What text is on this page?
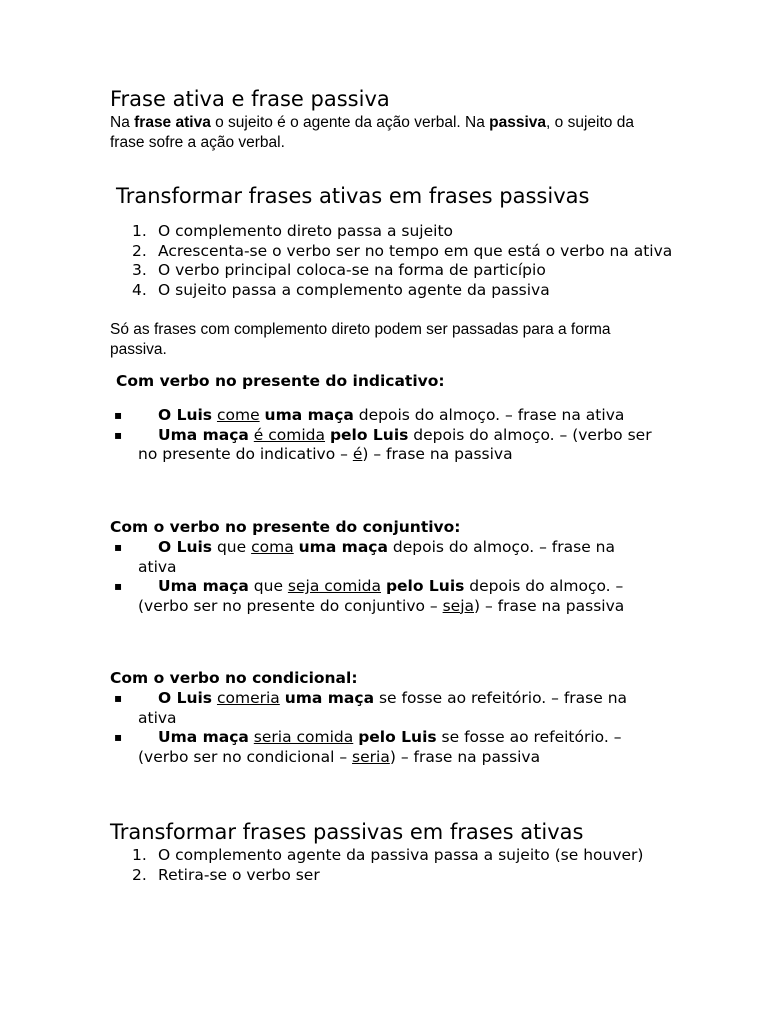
Frase ativa e frase passiva
Na frase ativa o sujeito é o agente da ação verbal. Na passiva, o sujeito da frase sofre a ação verbal.
Transformar frases ativas em frases passivas
1. O complemento direto passa a sujeito
2. Acrescenta-se o verbo ser no tempo em que está o verbo na ativa
3. O verbo principal coloca-se na forma de particípio
4. O sujeito passa a complemento agente da passiva
Só as frases com complemento direto podem ser passadas para a forma passiva.
Com verbo no presente do indicativo:
▪ O Luis come uma maça depois do almoço. – frase na ativa
▪ Uma maça é comida pelo Luis depois do almoço. – (verbo ser no presente do indicativo – é) – frase na passiva
Com o verbo no presente do conjuntivo:
▪ O Luis que coma uma maça depois do almoço. – frase na ativa
▪ Uma maça que seja comida pelo Luis depois do almoço. – (verbo ser no presente do conjuntivo – seja) – frase na passiva
Com o verbo no condicional:
▪ O Luis comeria uma maça se fosse ao refeitório. – frase na ativa
▪ Uma maça seria comida pelo Luis se fosse ao refeitório. – (verbo ser no condicional – seria) – frase na passiva
Transformar frases passivas em frases ativas
1. O complemento agente da passiva passa a sujeito (se houver)
2. Retira-se o verbo ser
